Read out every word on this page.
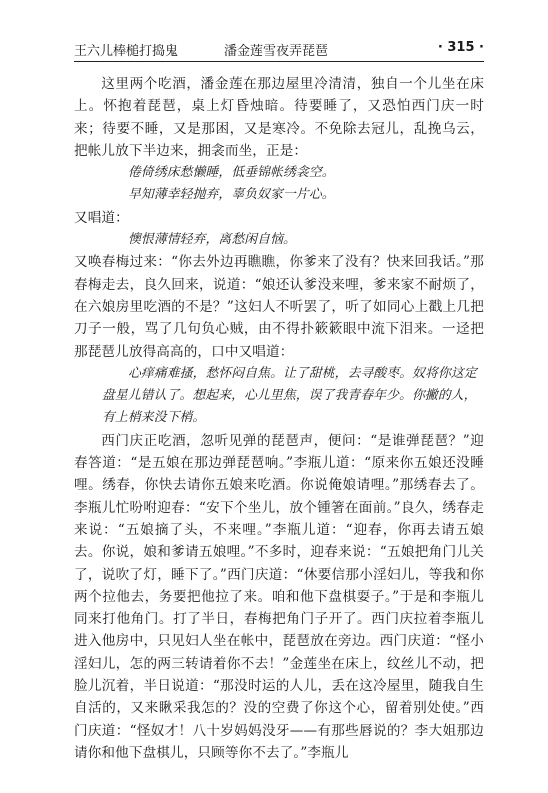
王六儿棒槌打捣鬼	潘金莲雪夜弄琵琶	· 315 ·

这里两个吃酒，潘金莲在那边屋里冷清清，独自一个儿坐在床上。怀抱着琵琶，桌上灯昏烛暗。待要睡了，又恐怕西门庆一时来；待要不睡，又是那困，又是寒冷。不免除去冠儿，乱挽乌云，把帐儿放下半边来，拥衾而坐，正是：

倦倚绣床愁懒睡，低垂锦帐绣衾空。

早知薄幸轻抛弃，辜负奴家一片心。

又唱道：

懊恨薄情轻弃，离愁闲自恼。

又唤春梅过来：“你去外边再瞧瞧，你爹来了没有？快来回我话。”那春梅走去，良久回来，说道：“娘还认爹没来哩，爹来家不耐烦了，在六娘房里吃酒的不是？”这妇人不听罢了，听了如同心上戳上几把刀子一般，骂了几句负心贼，由不得扑簌簌眼中流下泪来。一迳把那琵琶儿放得高高的，口中又唱道：

心痒痛难搔，愁怀闷自焦。让了甜桃，去寻酸枣。奴将你这定
盘星儿错认了。想起来，心儿里焦，误了我青春年少。你撇的人，
有上梢来没下梢。

西门庆正吃酒，忽听见弹的琵琶声，便问：“是谁弹琵琶？”迎春答道：“是五娘在那边弹琵琶响。”李瓶儿道：“原来你五娘还没睡哩。绣春，你快去请你五娘来吃酒。你说俺娘请哩。”那绣春去了。李瓶儿忙吩咐迎春：“安下个坐儿，放个锺箸在面前。”良久，绣春走来说：“五娘摘了头，不来哩。”李瓶儿道：“迎春，你再去请五娘去。你说，娘和爹请五娘哩。”不多时，迎春来说：“五娘把角门儿关了，说吹了灯，睡下了。”西门庆道：“休要信那小淫妇儿，等我和你两个拉他去，务要把他拉了来。咱和他下盘棋耍子。”于是和李瓶儿同来打他角门。打了半日，春梅把角门子开了。西门庆拉着李瓶儿进入他房中，只见妇人坐在帐中，琵琶放在旁边。西门庆道：“怪小淫妇儿，怎的两三转请着你不去！”金莲坐在床上，纹丝儿不动，把脸儿沉着，半日说道：“那没时运的人儿，丢在这冷屋里，随我自生自活的，又来瞅采我怎的？没的空费了你这个心，留着别处使。”西门庆道：“怪奴才！八十岁妈妈没牙——有那些唇说的？李大姐那边请你和他下盘棋儿，只顾等你不去了。”李瓶儿
